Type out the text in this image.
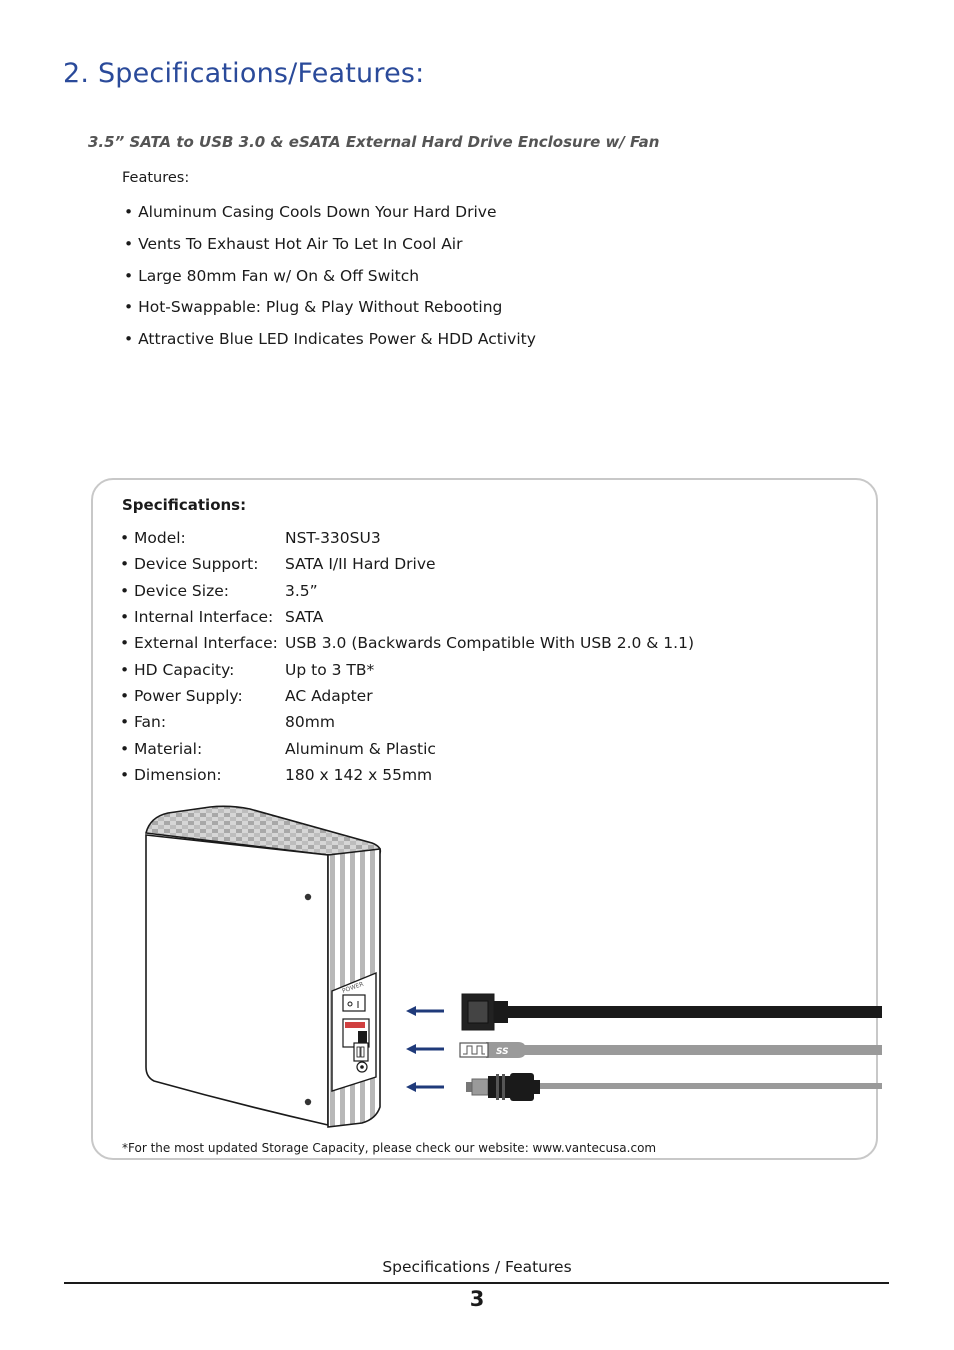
2. Specifications/Features:
3.5” SATA to USB 3.0 & eSATA External Hard Drive Enclosure w/ Fan
Features:
• Aluminum Casing Cools Down Your Hard Drive
• Vents To Exhaust Hot Air To Let In Cool Air
• Large 80mm Fan w/ On & Off Switch
• Hot-Swappable: Plug & Play Without Rebooting
• Attractive Blue LED Indicates Power & HDD Activity
Specifications:
•	Model:	NST-330SU3
•	Device Support:	SATA I/II Hard Drive
•	Device Size:	3.5”
•	Internal Interface:	SATA
•	External Interface:	USB 3.0 (Backwards Compatible With USB 2.0 & 1.1)
•	HD Capacity:	Up to 3 TB*
•	Power Supply:	AC Adapter
•	Fan:	80mm
•	Material:	Aluminum & Plastic
•	Dimension:	180 x 142 x 55mm
POWER
SS
*For the most updated Storage Capacity, please check our website: www.vantecusa.com
Specifications / Features
3
